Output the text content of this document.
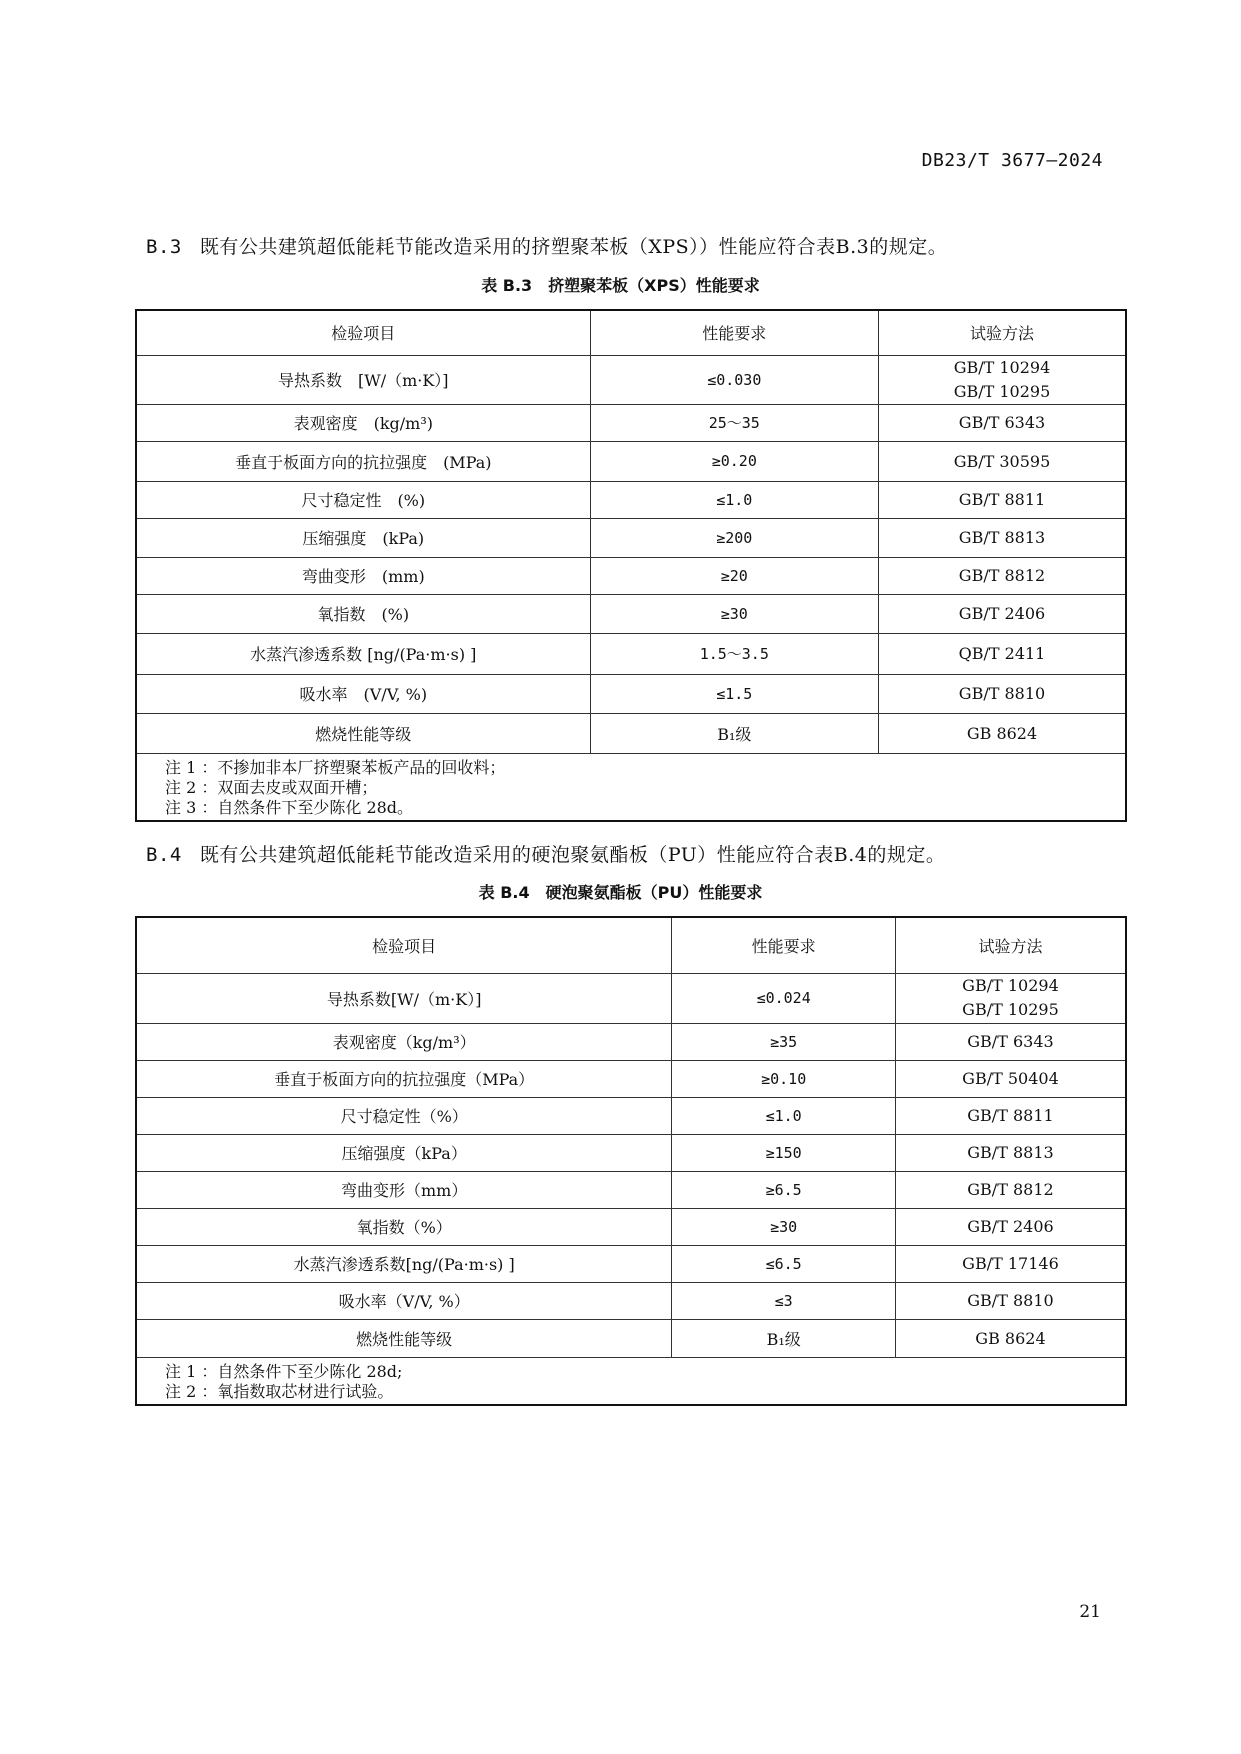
DB23/T 3677—2024
B.3 既有公共建筑超低能耗节能改造采用的挤塑聚苯板（XPS））性能应符合表B.3的规定。
表 B.3　挤塑聚苯板（XPS）性能要求
检验项目	性能要求	试验方法
导热系数　[W/（m·K）]	≤0.030	GB/T 10294
GB/T 10295

表观密度　(kg/m³)	25～35	GB/T 6343
垂直于板面方向的抗拉强度　(MPa)	≥0.20	GB/T 30595
尺寸稳定性　(%)	≤1.0	GB/T 8811
压缩强度　(kPa)	≥200	GB/T 8813
弯曲变形　(mm)	≥20	GB/T 8812
氧指数　(%)	≥30	GB/T 2406
水蒸汽渗透系数 [ng/(Pa·m·s) ]	1.5～3.5	QB/T 2411
吸水率　(V/V, %)	≤1.5	GB/T 8810
燃烧性能等级	B₁级	GB 8624

注 1 ：不掺加非本厂挤塑聚苯板产品的回收料；
注 2 ：双面去皮或双面开槽；
注 3 ：自然条件下至少陈化 28d。		
B.4 既有公共建筑超低能耗节能改造采用的硬泡聚氨酯板（PU）性能应符合表B.4的规定。
表 B.4　硬泡聚氨酯板（PU）性能要求
检验项目	性能要求	试验方法
导热系数[W/（m·K）]	≤0.024	GB/T 10294
GB/T 10295

表观密度（kg/m³）	≥35	GB/T 6343
垂直于板面方向的抗拉强度（MPa）	≥0.10	GB/T 50404
尺寸稳定性（%）	≤1.0	GB/T 8811
压缩强度（kPa）	≥150	GB/T 8813
弯曲变形（mm）	≥6.5	GB/T 8812
氧指数（%）	≥30	GB/T 2406
水蒸汽渗透系数[ng/(Pa·m·s) ]	≤6.5	GB/T 17146
吸水率（V/V, %）	≤3	GB/T 8810
燃烧性能等级	B₁级	GB 8624

注 1 ：自然条件下至少陈化 28d;
注 2 ：氧指数取芯材进行试验。		
21
